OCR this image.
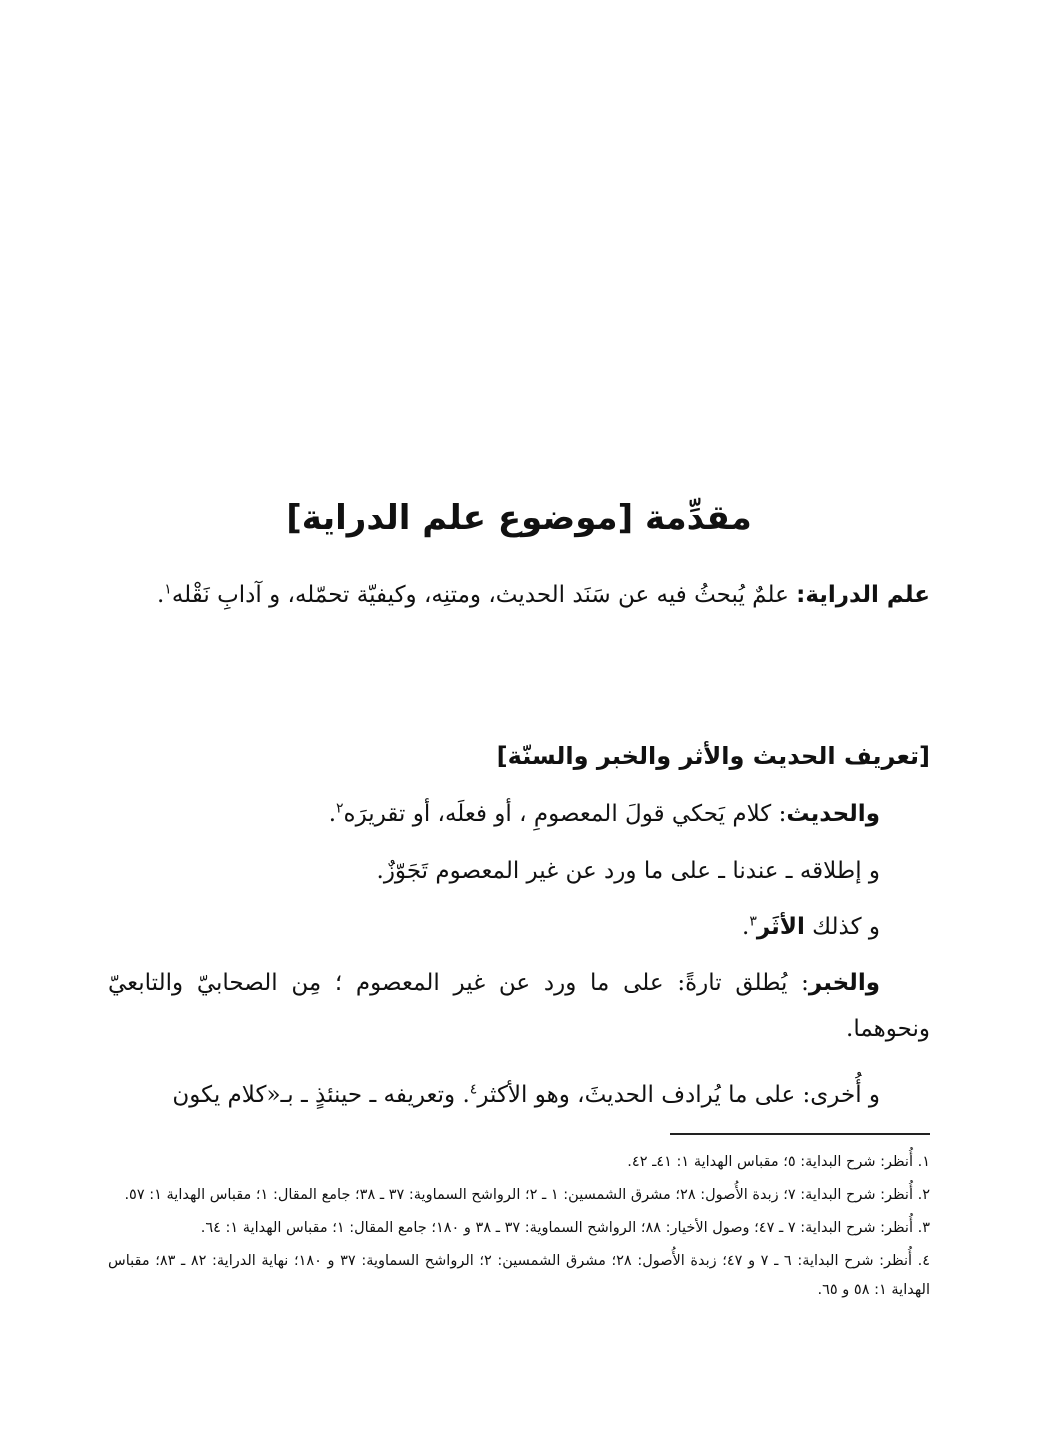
مقدِّمة [موضوع علم الدراية]

علم الدراية: علمٌ يُبحثُ فيه عن سَنَد الحديث، ومتنِه، وكيفيّة تحمّله، و آدابِ نَقْله$^١$.

[تعريف الحديث والأثر والخبر والسنّة]

والحديث: كلام يَحكي قولَ المعصومِ ، أو فعلَه، أو تقريرَه$^٢$.

و إطلاقه ـ عندنا ـ على ما ورد عن غير المعصوم تَجَوّزٌ.

و كذلك الأثَر$^٣$.

والخبر: يُطلق تارةً: على ما ورد عن غير المعصوم ؛ مِن الصحابيّ والتابعيّ ونحوهما.

و أُخرى: على ما يُرادف الحديثَ، وهو الأكثر$^٤$. وتعريفه ـ حينئذٍ ـ بـ«كلام يكون

١. أُنظر: شرح البداية: ٥؛ مقباس الهداية ١: ٤١ـ ٤٢.
٢. أُنظر: شرح البداية: ٧؛ زبدة الأُصول: ٢٨؛ مشرق الشمسين: ١ ـ ٢؛ الرواشح السماوية: ٣٧ ـ ٣٨؛ جامع المقال: ١؛ مقباس الهداية ١: ٥٧.
٣. أُنظر: شرح البداية: ٧ ـ ٤٧؛ وصول الأخيار: ٨٨؛ الرواشح السماوية: ٣٧ ـ ٣٨ و ١٨٠؛ جامع المقال: ١؛ مقباس الهداية ١: ٦٤.
٤. أُنظر: شرح البداية: ٦ ـ ٧ و ٤٧؛ زبدة الأُصول: ٢٨؛ مشرق الشمسين: ٢؛ الرواشح السماوية: ٣٧ و ١٨٠؛ نهاية الدراية: ٨٢ ـ ٨٣؛ مقباس الهداية ١: ٥٨ و ٦٥.
